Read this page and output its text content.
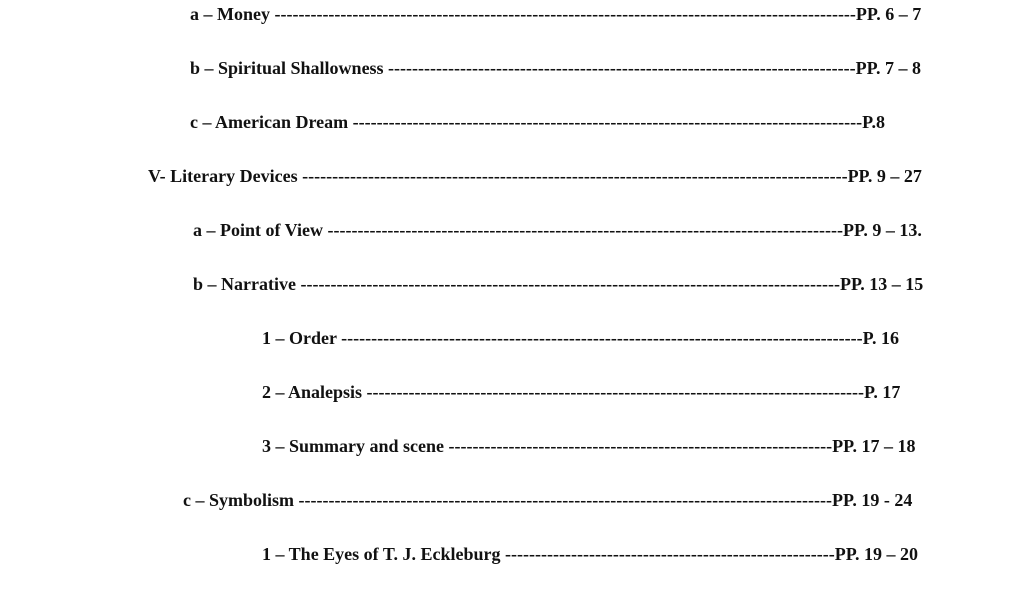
a – Money -------------------------------------------------------------------------------------------------PP. 6 – 7
b – Spiritual Shallowness ------------------------------------------------------------------------------PP. 7 – 8
c – American Dream -------------------------------------------------------------------------------------P.8
V- Literary Devices -------------------------------------------------------------------------------------------PP. 9 – 27
a – Point of View --------------------------------------------------------------------------------------PP. 9 – 13.
b – Narrative ------------------------------------------------------------------------------------------PP. 13 – 15
1 – Order ---------------------------------------------------------------------------------------P. 16
2 – Analepsis -----------------------------------------------------------------------------------P. 17
3 – Summary and scene ----------------------------------------------------------------PP. 17 – 18
c – Symbolism -----------------------------------------------------------------------------------------PP. 19 - 24
1 – The Eyes of T. J. Eckleburg -------------------------------------------------------PP. 19 – 20
